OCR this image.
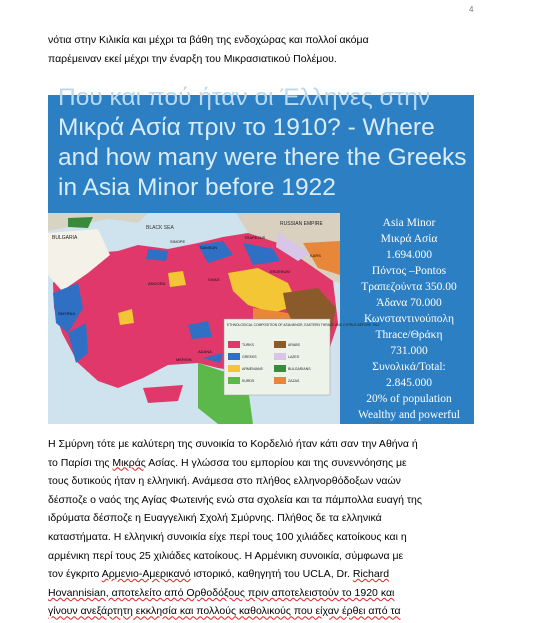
4
νότια στην Κιλικία και μέχρι τα βάθη της ενδοχώρας και πολλοί ακόμα
παρέμειναν εκεί μέχρι την έναρξη του Μικρασιατικού Πολέμου.
Που και πού ήταν οι Έλληνες στην
Μικρά Ασία πριν το 1910? - Where and how many were there the Greeks in Asia Minor before 1922
BULGARIA
BLACK SEA
RUSSIAN EMPIRE
TRAPEZUS
SAMSUN
SINOPE
KARS
ERZERUM
SIVAS
ANGORA
SMYRNA
ADANA
MERSIN
ETHNOLOGICAL COMPOSITION OF ASIA MINOR, EASTERN THRACE AND CYPRUS BEFORE 1912
TURKS	ARABS
GREEKS	LAZES
ARMENIANS	BULGARIANS
KURDS	ZAZAS
Asia Minor
Μικρά Ασία
1.694.000
Πόντος –Pontos
Τραπεζούντα 350.00
Άδανα 70.000
Κωνσταντινούπολη
Thrace/Θράκη
731.000
Συνολικά/Total:
2.845.000
20% of population
Wealthy and powerful
Η Σμύρνη τότε με καλύτερη της συνοικία το Κορδελιό ήταν κάτι σαν την Αθήνα ή
το Παρίσι της Μικράς Ασίας. Η γλώσσα του εμπορίου και της συνεννόησης με
τους δυτικούς ήταν η ελληνική. Ανάμεσα στο πλήθος ελληνορθόδοξων ναών
δέσποζε ο ναός της Αγίας Φωτεινής ενώ στα σχολεία και τα πάμπολλα ευαγή της
ιδρύματα δέσποζε η Ευαγγελική Σχολή Σμύρνης. Πλήθος δε τα ελληνικά
καταστήματα. Η ελληνική συνοικία είχε περί τους 100 χιλιάδες κατοίκους και η
αρμένικη περί τους 25 χιλιάδες κατοίκους. Η Αρμένικη συνοικία, σύμφωνα με
τον έγκριτο Αρμενιο-Αμερικανό ιστορικό, καθηγητή του UCLA, Dr. Richard
Hovannisian, αποτελείτο από Ορθοδόξους πριν αποτελειστούν το 1920 και
γίνουν ανεξάρτητη εκκλησία και πολλούς καθολικούς που είχαν έρθει από τα
